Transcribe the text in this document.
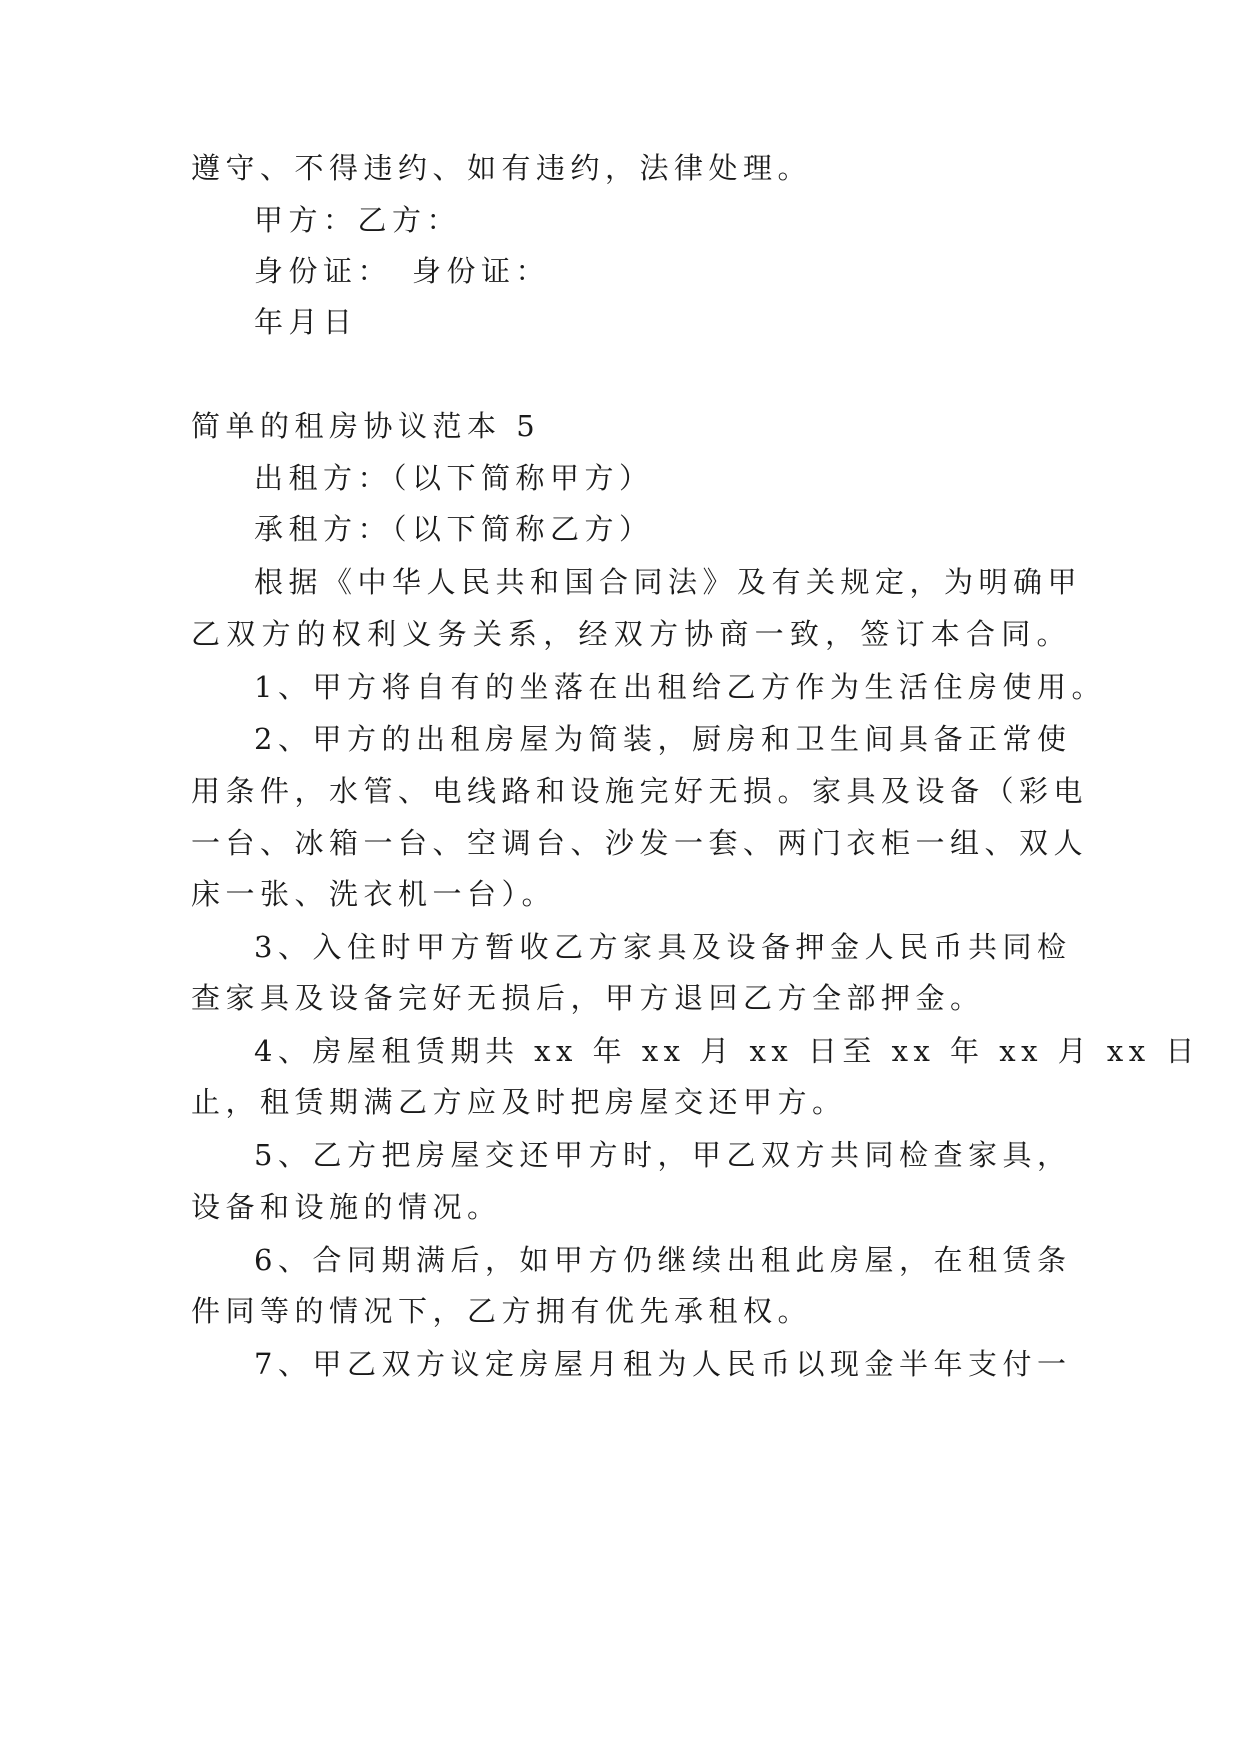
遵守、不得违约、如有违约，法律处理。
甲方：乙方：
身份证：　身份证：
年月日
简单的租房协议范本 5
出租方：（以下简称甲方）
承租方：（以下简称乙方）
根据《中华人民共和国合同法》及有关规定，为明确甲
乙双方的权利义务关系，经双方协商一致，签订本合同。
1、甲方将自有的坐落在出租给乙方作为生活住房使用。
2、甲方的出租房屋为简装，厨房和卫生间具备正常使
用条件，水管、电线路和设施完好无损。家具及设备（彩电
一台、冰箱一台、空调台、沙发一套、两门衣柜一组、双人
床一张、洗衣机一台）。
3、入住时甲方暂收乙方家具及设备押金人民币共同检
查家具及设备完好无损后，甲方退回乙方全部押金。
4、房屋租赁期共 xx 年 xx 月 xx 日至 xx 年 xx 月 xx 日
止，租赁期满乙方应及时把房屋交还甲方。
5、乙方把房屋交还甲方时，甲乙双方共同检查家具，
设备和设施的情况。
6、合同期满后，如甲方仍继续出租此房屋，在租赁条
件同等的情况下，乙方拥有优先承租权。
7、甲乙双方议定房屋月租为人民币以现金半年支付一
